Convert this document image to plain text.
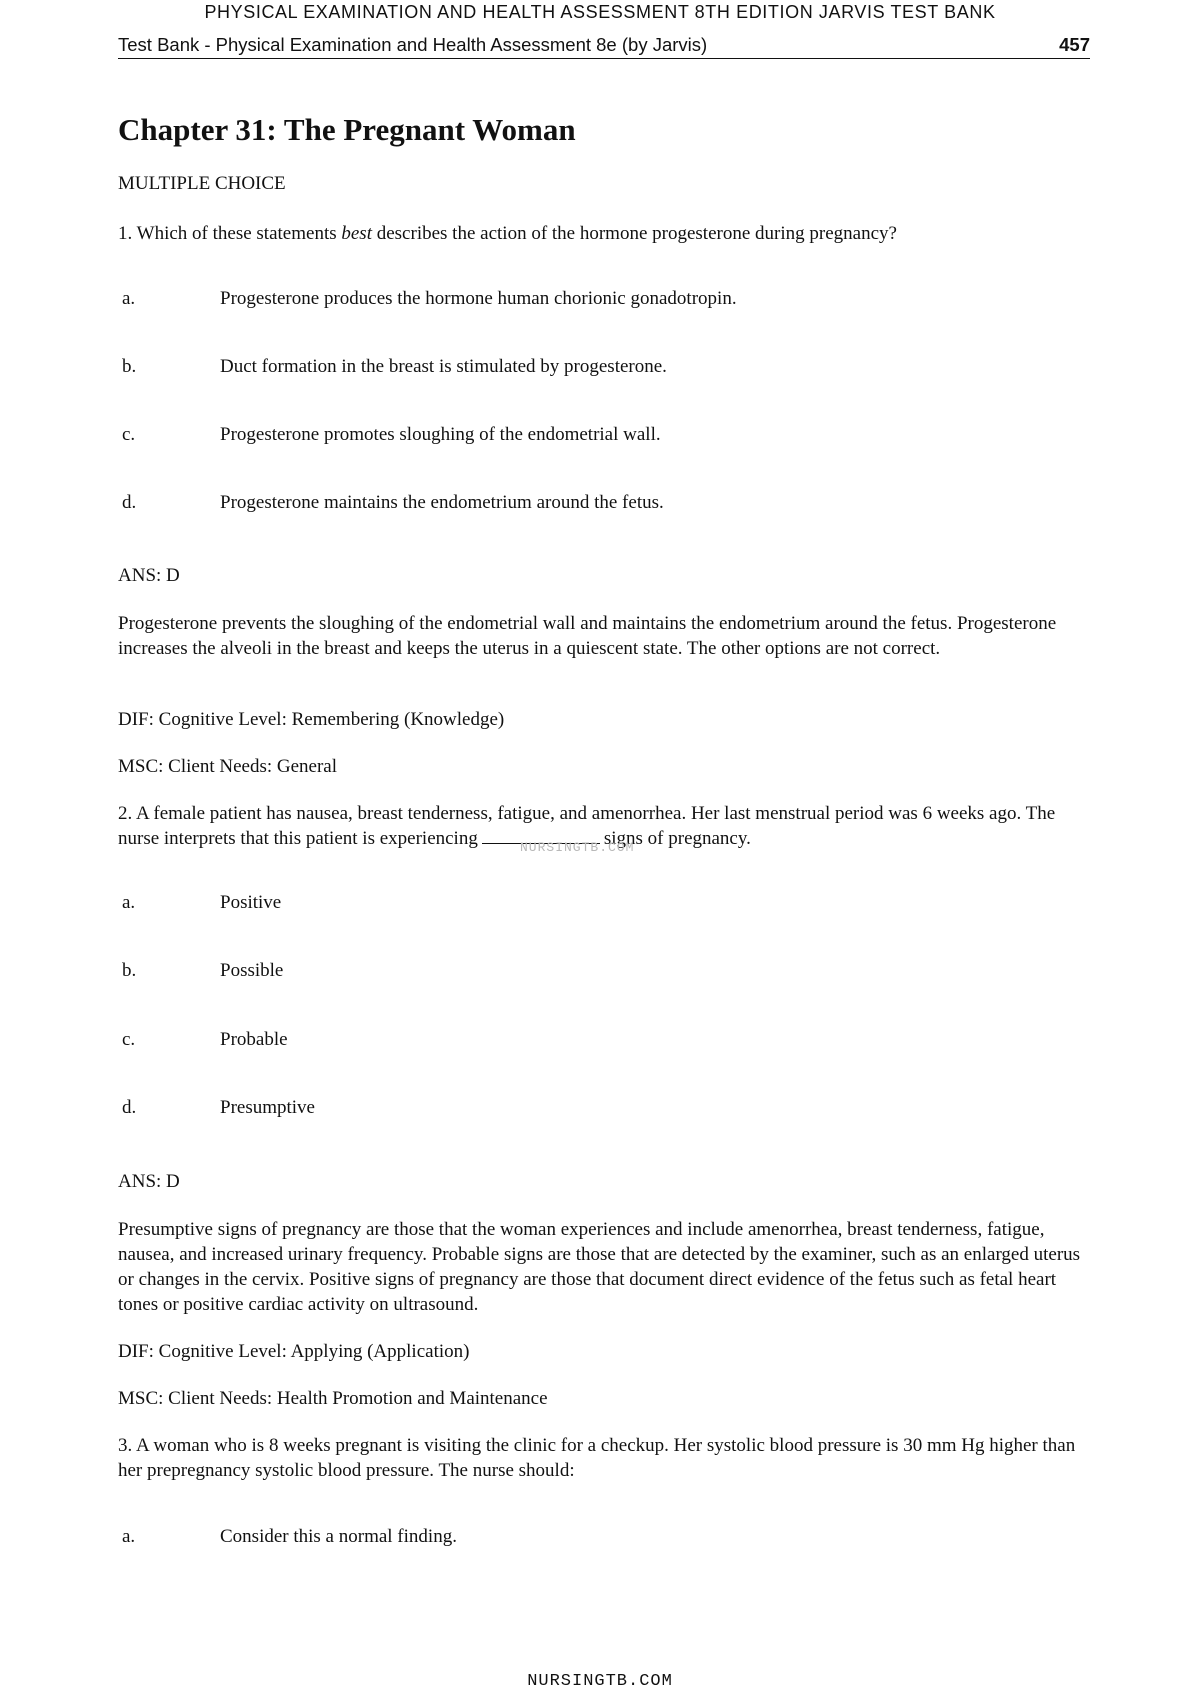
PHYSICAL EXAMINATION AND HEALTH ASSESSMENT 8TH EDITION JARVIS TEST BANK
Test Bank - Physical Examination and Health Assessment 8e (by Jarvis)	457
Chapter 31: The Pregnant Woman
MULTIPLE CHOICE
1. Which of these statements best describes the action of the hormone progesterone during pregnancy?
a.	Progesterone produces the hormone human chorionic gonadotropin.
b.	Duct formation in the breast is stimulated by progesterone.
c.	Progesterone promotes sloughing of the endometrial wall.
d.	Progesterone maintains the endometrium around the fetus.
ANS: D
Progesterone prevents the sloughing of the endometrial wall and maintains the endometrium around the fetus. Progesterone increases the alveoli in the breast and keeps the uterus in a quiescent state. The other options are not correct.
DIF: Cognitive Level: Remembering (Knowledge)
MSC: Client Needs: General
2. A female patient has nausea, breast tenderness, fatigue, and amenorrhea. Her last menstrual period was 6 weeks ago. The nurse interprets that this patient is experiencing	signs of pregnancy.
NURSINGTB.COM
a.	Positive
b.	Possible
c.	Probable
d.	Presumptive
ANS: D
Presumptive signs of pregnancy are those that the woman experiences and include amenorrhea, breast tenderness, fatigue, nausea, and increased urinary frequency. Probable signs are those that are detected by the examiner, such as an enlarged uterus or changes in the cervix. Positive signs of pregnancy are those that document direct evidence of the fetus such as fetal heart tones or positive cardiac activity on ultrasound.
DIF: Cognitive Level: Applying (Application)
MSC: Client Needs: Health Promotion and Maintenance
3. A woman who is 8 weeks pregnant is visiting the clinic for a checkup. Her systolic blood pressure is 30 mm Hg higher than her prepregnancy systolic blood pressure. The nurse should:
a.	Consider this a normal finding.
NURSINGTB.COM
